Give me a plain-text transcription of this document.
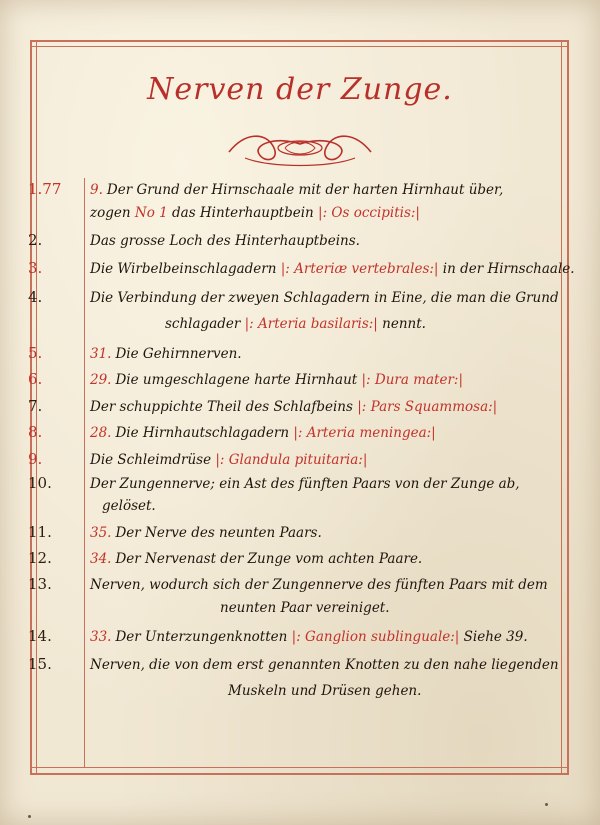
Nerven der Zunge.
1.77	9. Der Grund der Hirnschaale mit der harten Hirnhaut über,
zogen No 1 das Hinterhauptbein |: Os occipitis:|
2.	Das grosse Loch des Hinterhauptbeins.
3.	Die Wirbelbeinschlagadern |: Arteriæ vertebrales:| in der Hirnschaale.
4.	Die Verbindung der zweyen Schlagadern in Eine, die man die Grund
schlagader |: Arteria basilaris:| nennt.
5.	31. Die Gehirnnerven.
6.	29. Die umgeschlagene harte Hirnhaut |: Dura mater:|
7.	Der schuppichte Theil des Schlafbeins |: Pars Squammosa:|
8.	28. Die Hirnhautschlagadern |: Arteria meningea:|
9.	Die Schleimdrüse |: Glandula pituitaria:|
10.	Der Zungennerve; ein Ast des fünften Paars von der Zunge ab,
gelöset.
11.	35. Der Nerve des neunten Paars.
12.	34. Der Nervenast der Zunge vom achten Paare.
13.	Nerven, wodurch sich der Zungennerve des fünften Paars mit dem
neunten Paar vereiniget.
14.	33. Der Unterzungenknotten |: Ganglion sublinguale:| Siehe 39.
15.	Nerven, die von dem erst genannten Knotten zu den nahe liegenden
Muskeln und Drüsen gehen.
